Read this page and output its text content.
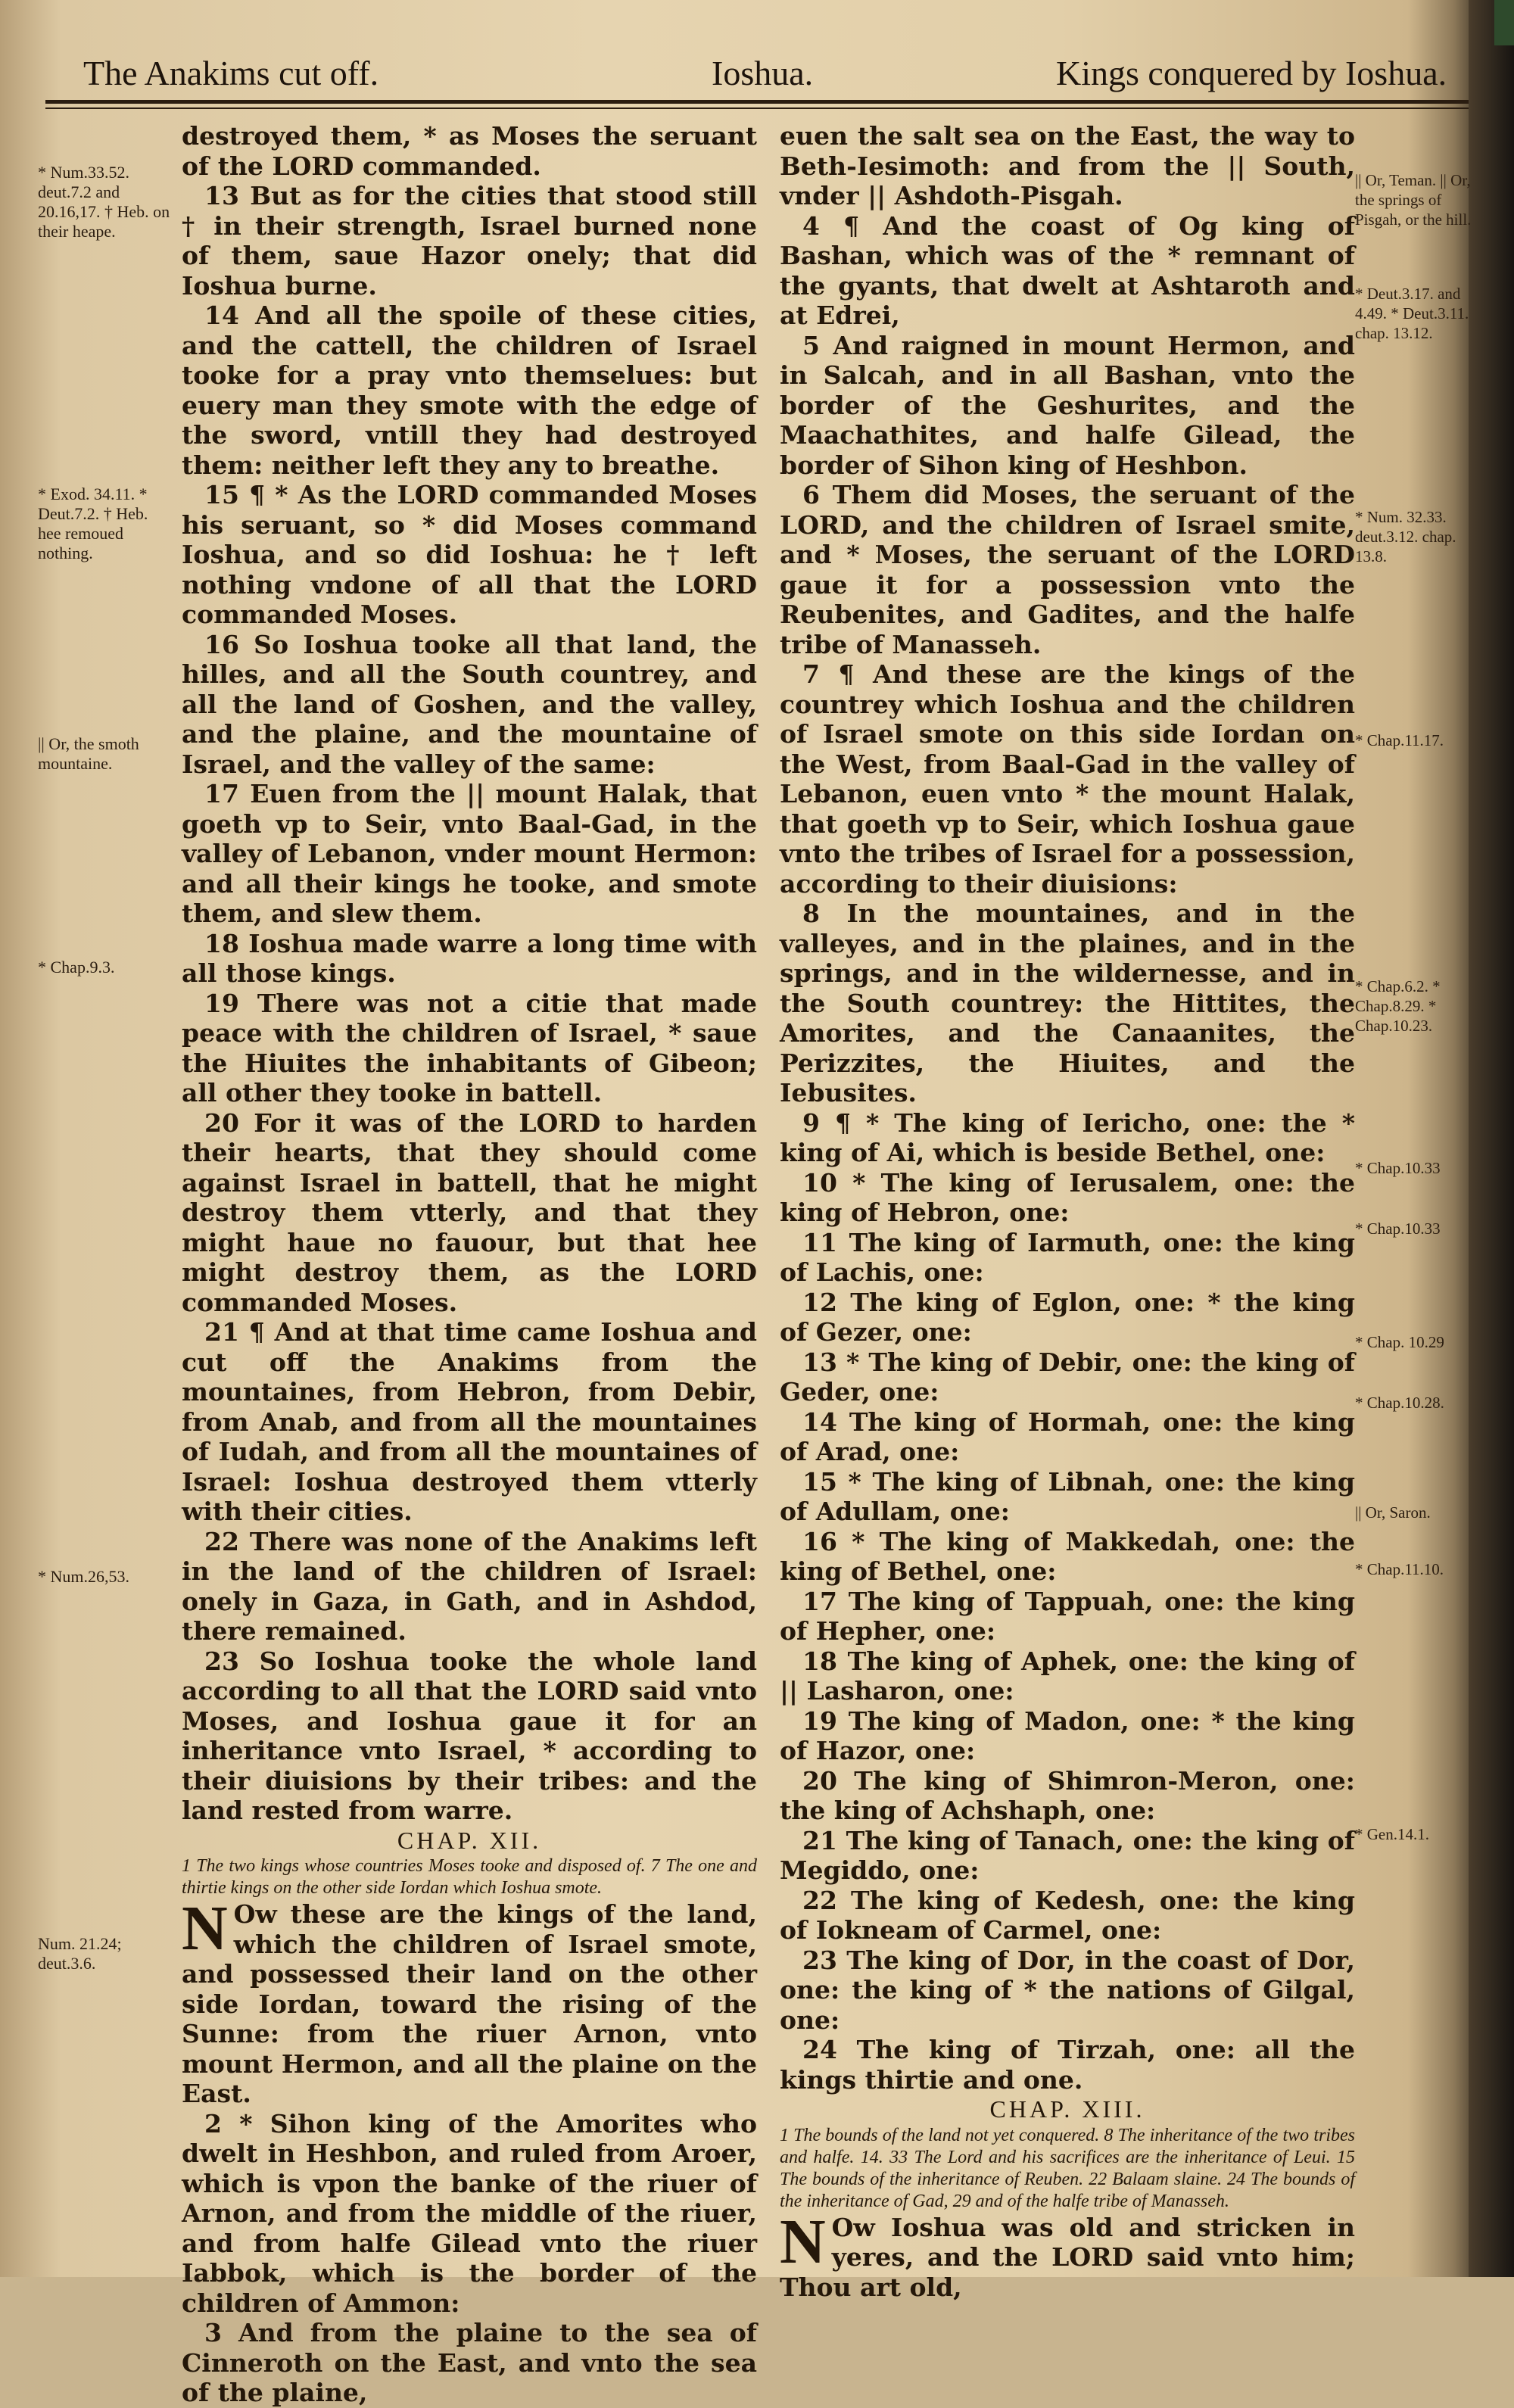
The Anakims cut off.	Ioshua.	Kings conquered by Ioshua.
* Num.33.52. deut.7.2 and 20.16,17. † Heb. on their heape.
* Exod. 34.11. * Deut.7.2. † Heb. hee remoued nothing.
|| Or, the smoth mountaine.
* Chap.9.3.
* Num.26,53.
Num. 21.24; deut.3.6.
|| Or, Teman. || Or, the springs of Pisgah, or the hill.
* Deut.3.17. and 4.49. * Deut.3.11. chap. 13.12.
* Num. 32.33. deut.3.12. chap. 13.8.
* Chap.11.17.
* Chap.6.2. * Chap.8.29. * Chap.10.23.
* Chap.10.33
* Chap.10.33
* Chap. 10.29
* Chap.10.28.
|| Or, Saron.
* Chap.11.10.
* Gen.14.1.

destroyed them, * as Moses the seruant of the LORD commanded.

13 But as for the cities that stood still † in their strength, Israel burned none of them, saue Hazor onely; that did Ioshua burne.

14 And all the spoile of these cities, and the cattell, the children of Israel tooke for a pray vnto themselues: but euery man they smote with the edge of the sword, vntill they had destroyed them: neither left they any to breathe.

15 ¶ * As the LORD commanded Moses his seruant, so * did Moses command Ioshua, and so did Ioshua: he † left nothing vndone of all that the LORD commanded Moses.

16 So Ioshua tooke all that land, the hilles, and all the South countrey, and all the land of Goshen, and the valley, and the plaine, and the mountaine of Israel, and the valley of the same:

17 Euen from the || mount Halak, that goeth vp to Seir, vnto Baal-Gad, in the valley of Lebanon, vnder mount Hermon: and all their kings he tooke, and smote them, and slew them.

18 Ioshua made warre a long time with all those kings.

19 There was not a citie that made peace with the children of Israel, * saue the Hiuites the inhabitants of Gibeon; all other they tooke in battell.

20 For it was of the LORD to harden their hearts, that they should come against Israel in battell, that he might destroy them vtterly, and that they might haue no fauour, but that hee might destroy them, as the LORD commanded Moses.

21 ¶ And at that time came Ioshua and cut off the Anakims from the mountaines, from Hebron, from Debir, from Anab, and from all the mountaines of Iudah, and from all the mountaines of Israel: Ioshua destroyed them vtterly with their cities.

22 There was none of the Anakims left in the land of the children of Israel: onely in Gaza, in Gath, and in Ashdod, there remained.

23 So Ioshua tooke the whole land according to all that the LORD said vnto Moses, and Ioshua gaue it for an inheritance vnto Israel, * according to their diuisions by their tribes: and the land rested from warre.

CHAP. XII.

1 The two kings whose countries Moses tooke and disposed of. 7 The one and thirtie kings on the other side Iordan which Ioshua smote.

N Ow these are the kings of the land, which the children of Israel smote, and possessed their land on the other side Iordan, toward the rising of the Sunne: from the riuer Arnon, vnto mount Hermon, and all the plaine on the East.

2 * Sihon king of the Amorites who dwelt in Heshbon, and ruled from Aroer, which is vpon the banke of the riuer of Arnon, and from the middle of the riuer, and from halfe Gilead vnto the riuer Iabbok, which is the border of the children of Ammon:

3 And from the plaine to the sea of Cinneroth on the East, and vnto the sea of the plaine,

euen the salt sea on the East, the way to Beth-Iesimoth: and from the || South, vnder || Ashdoth-Pisgah.

4 ¶ And the coast of Og king of Bashan, which was of the * remnant of the gyants, that dwelt at Ashtaroth and at Edrei,

5 And raigned in mount Hermon, and in Salcah, and in all Bashan, vnto the border of the Geshurites, and the Maachathites, and halfe Gilead, the border of Sihon king of Heshbon.

6 Them did Moses, the seruant of the LORD, and the children of Israel smite, and * Moses, the seruant of the LORD gaue it for a possession vnto the Reubenites, and Gadites, and the halfe tribe of Manasseh.

7 ¶ And these are the kings of the countrey which Ioshua and the children of Israel smote on this side Iordan on the West, from Baal-Gad in the valley of Lebanon, euen vnto * the mount Halak, that goeth vp to Seir, which Ioshua gaue vnto the tribes of Israel for a possession, according to their diuisions:

8 In the mountaines, and in the valleyes, and in the plaines, and in the springs, and in the wildernesse, and in the South countrey: the Hittites, the Amorites, and the Canaanites, the Perizzites, the Hiuites, and the Iebusites.

9 ¶ * The king of Iericho, one: the * king of Ai, which is beside Bethel, one:

10 * The king of Ierusalem, one: the king of Hebron, one:

11 The king of Iarmuth, one: the king of Lachis, one:

12 The king of Eglon, one: * the king of Gezer, one:

13 * The king of Debir, one: the king of Geder, one:

14 The king of Hormah, one: the king of Arad, one:

15 * The king of Libnah, one: the king of Adullam, one:

16 * The king of Makkedah, one: the king of Bethel, one:

17 The king of Tappuah, one: the king of Hepher, one:

18 The king of Aphek, one: the king of || Lasharon, one:

19 The king of Madon, one: * the king of Hazor, one:

20 The king of Shimron-Meron, one: the king of Achshaph, one:

21 The king of Tanach, one: the king of Megiddo, one:

22 The king of Kedesh, one: the king of Iokneam of Carmel, one:

23 The king of Dor, in the coast of Dor, one: the king of * the nations of Gilgal, one:

24 The king of Tirzah, one: all the kings thirtie and one.

CHAP. XIII.

1 The bounds of the land not yet conquered. 8 The inheritance of the two tribes and halfe. 14. 33 The Lord and his sacrifices are the inheritance of Leui. 15 The bounds of the inheritance of Reuben. 22 Balaam slaine. 24 The bounds of the inheritance of Gad, 29 and of the halfe tribe of Manasseh.

N Ow Ioshua was old and stricken in yeres, and the LORD said vnto him; Thou art old,
